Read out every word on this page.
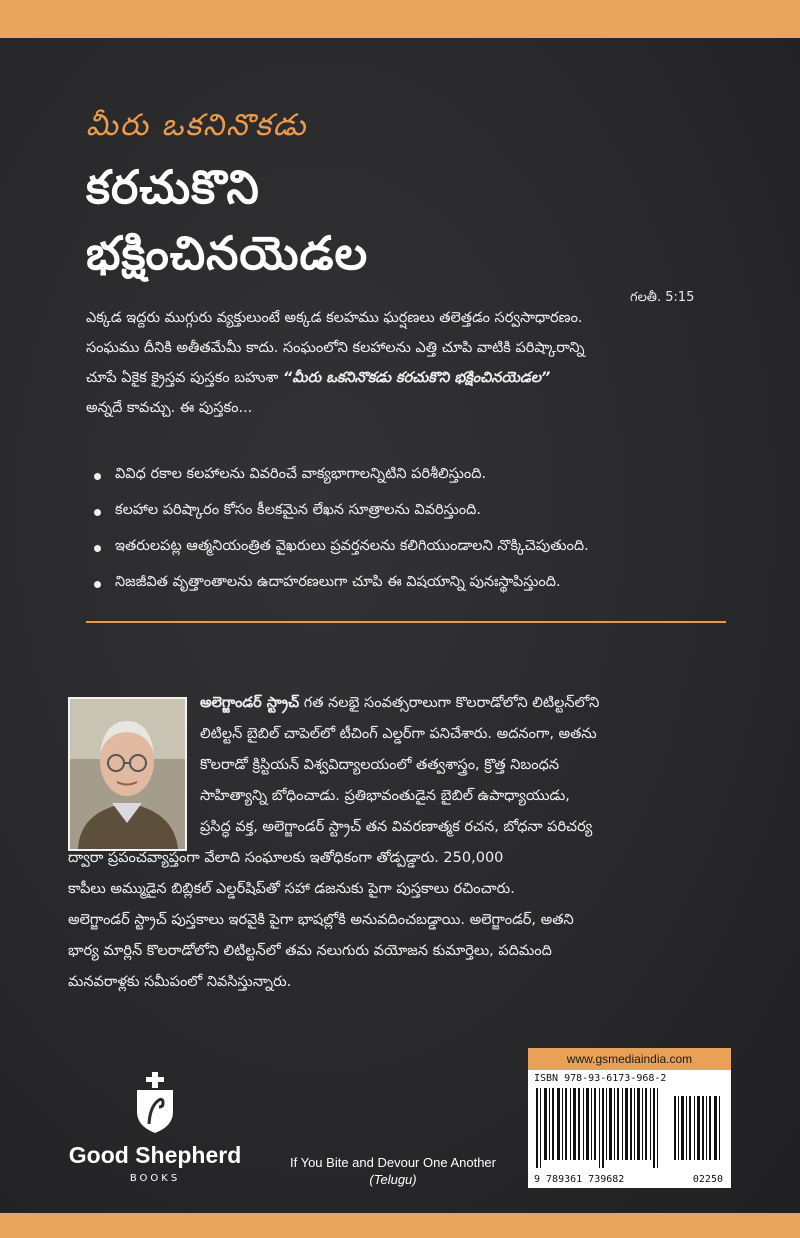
మీరు ఒకనినొకడు
కరచుకొని
భక్షించినయెడల
గలతీ. 5:15

ఎక్కడ ఇద్దరు ముగ్గురు వ్యక్తులుంటే అక్కడ కలహము ఘర్షణలు తలెత్తడం సర్వసాధారణం.

సంఘము దీనికి అతీతమేమీ కాదు. సంఘంలోని కలహాలను ఎత్తి చూపి వాటికి పరిష్కారాన్ని

చూపే ఏకైక క్రైస్తవ పుస్తకం బహుశా “మీరు ఒకనినొకడు కరచుకొని భక్షించినయెడల”

అన్నదే కావచ్చు. ఈ పుస్తకం...

వివిధ రకాల కలహాలను వివరించే వాక్యభాగాలన్నిటిని పరిశీలిస్తుంది.
కలహాల పరిష్కారం కోసం కీలకమైన లేఖన సూత్రాలను వివరిస్తుంది.
ఇతరులపట్ల ఆత్మనియంత్రిత వైఖరులు ప్రవర్తనలను కలిగియుండాలని నొక్కిచెపుతుంది.
నిజజీవిత వృత్తాంతాలను ఉదాహరణలుగా చూపి ఈ విషయాన్ని పునఃస్థాపిస్తుంది.
అలెగ్జాండర్ స్ట్రాచ్ గత నలభై సంవత్సరాలుగా కొలరాడోలోని లిటిల్టన్‌లోని
లిటిల్టన్ బైబిల్ చాపెల్‌లో టీచింగ్ ఎల్డర్‌గా పనిచేశారు. అదనంగా, అతను
కొలరాడో క్రిస్టియన్ విశ్వవిద్యాలయంలో తత్వశాస్త్రం, క్రొత్త నిబంధన
సాహిత్యాన్ని బోధించాడు. ప్రతిభావంతుడైన బైబిల్ ఉపాధ్యాయుడు,
ప్రసిద్ధ వక్త, అలెగ్జాండర్ స్ట్రాచ్ తన వివరణాత్మక రచన, బోధనా పరిచర్య
ద్వారా ప్రపంచవ్యాప్తంగా వేలాది సంఘాలకు ఇతోధికంగా తోడ్పడ్డారు. 250,000
కాపీలు అమ్ముడైన బిబ్లికల్ ఎల్డర్‌షిప్‌తో సహా డజనుకు పైగా పుస్తకాలు రచించారు.
అలెగ్జాండర్ స్ట్రాచ్ పుస్తకాలు ఇరవైకి పైగా భాషల్లోకి అనువదించబడ్డాయి. అలెగ్జాండర్, అతని
భార్య మార్లిన్ కొలరాడోలోని లిటిల్టన్‌లో తమ నలుగురు వయోజన కుమార్తెలు, పదిమంది
మనవరాళ్లకు సమీపంలో నివసిస్తున్నారు.
Good Shepherd
BOOKS
If You Bite and Devour One Another
(Telugu)
www.gsmediaindia.com
ISBN 978-93-6173-968-2
9 789361 739682	02250
